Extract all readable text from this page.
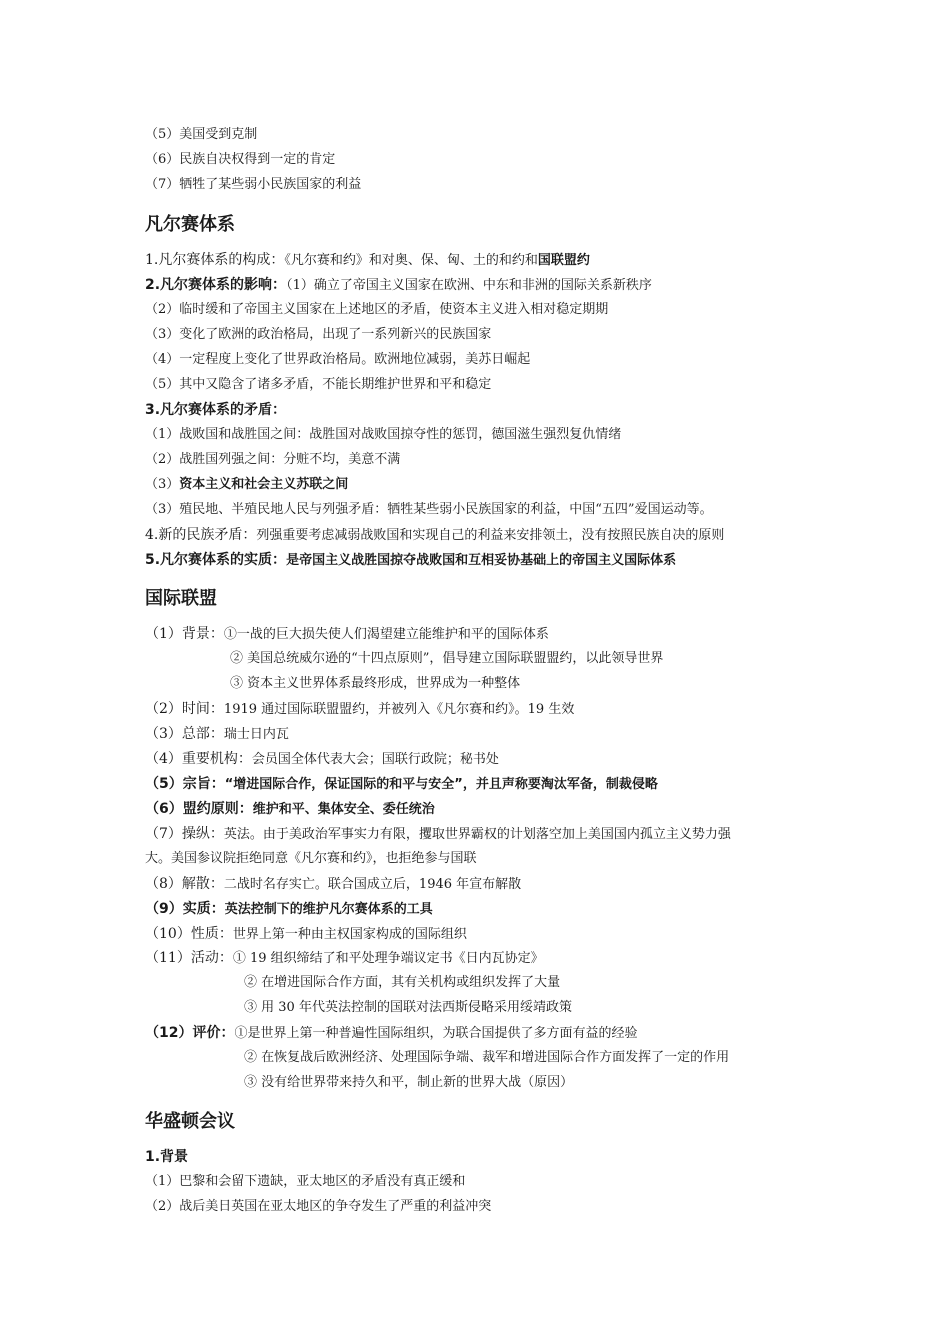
（5）美国受到克制
（6）民族自决权得到一定的肯定
（7）牺牲了某些弱小民族国家的利益
凡尔赛体系
1.凡尔赛体系的构成：《凡尔赛和约》和对奥、保、匈、土的和约和国联盟约
2.凡尔赛体系的影响：（1）确立了帝国主义国家在欧洲、中东和非洲的国际关系新秩序
（2）临时缓和了帝国主义国家在上述地区的矛盾，使资本主义进入相对稳定期期
（3）变化了欧洲的政治格局，出现了一系列新兴的民族国家
（4）一定程度上变化了世界政治格局。欧洲地位减弱，美苏日崛起
（5）其中又隐含了诸多矛盾，不能长期维护世界和平和稳定
3.凡尔赛体系的矛盾：
（1）战败国和战胜国之间：战胜国对战败国掠夺性的惩罚，德国滋生强烈复仇情绪
（2）战胜国列强之间：分赃不均，美意不满
（3）资本主义和社会主义苏联之间
（3）殖民地、半殖民地人民与列强矛盾：牺牲某些弱小民族国家的利益，中国“五四”爱国运动等。
4.新的民族矛盾：列强重要考虑减弱战败国和实现自己的利益来安排领土，没有按照民族自决的原则
5.凡尔赛体系的实质：是帝国主义战胜国掠夺战败国和互相妥协基础上的帝国主义国际体系
国际联盟
（1）背景：①一战的巨大损失使人们渴望建立能维护和平的国际体系
② 美国总统威尔逊的“十四点原则”，倡导建立国际联盟盟约，以此领导世界
③ 资本主义世界体系最终形成，世界成为一种整体
（2）时间：1919 通过国际联盟盟约，并被列入《凡尔赛和约》。19 生效
（3）总部：瑞士日内瓦
（4）重要机构：会员国全体代表大会；国联行政院；秘书处
（5）宗旨：“增进国际合作，保证国际的和平与安全”，并且声称要淘汰军备，制裁侵略
（6）盟约原则：维护和平、集体安全、委任统治
（7）操纵：英法。由于美政治军事实力有限，攫取世界霸权的计划落空加上美国国内孤立主义势力强
大。美国参议院拒绝同意《凡尔赛和约》，也拒绝参与国联
（8）解散：二战时名存实亡。联合国成立后，1946 年宣布解散
（9）实质：英法控制下的维护凡尔赛体系的工具
（10）性质：世界上第一种由主权国家构成的国际组织
（11）活动：① 19 组织缔结了和平处理争端议定书《日内瓦协定》
② 在增进国际合作方面，其有关机构或组织发挥了大量
③ 用 30 年代英法控制的国联对法西斯侵略采用绥靖政策
（12）评价：①是世界上第一种普遍性国际组织，为联合国提供了多方面有益的经验
② 在恢复战后欧洲经济、处理国际争端、裁军和增进国际合作方面发挥了一定的作用
③ 没有给世界带来持久和平，制止新的世界大战（原因）
华盛顿会议
1.背景
（1）巴黎和会留下遗缺，亚太地区的矛盾没有真正缓和
（2）战后美日英国在亚太地区的争夺发生了严重的利益冲突
